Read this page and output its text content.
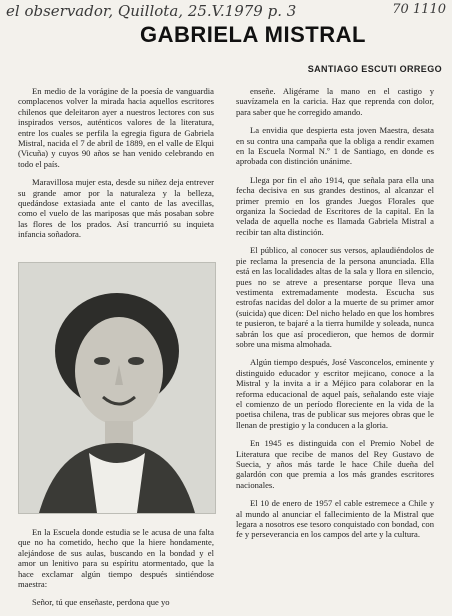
el observador, Quillota, 25.V.1979 p. 3	70 1110
GABRIELA MISTRAL
SANTIAGO ESCUTI ORREGO

En medio de la vorágine de la poesía de vanguardia complacenos volver la mirada hacia aquellos escritores chilenos que deleitaron ayer a nuestros lectores con sus inspirados versos, auténticos valores de la literatura, entre los cuales se perfila la egregia figura de Gabriela Mistral, nacida el 7 de abril de 1889, en el valle de Elqui (Vicuña) y cuyos 90 años se han venido celebrando en todo el país.

Maravillosa mujer esta, desde su niñez deja entrever su grande amor por la naturaleza y la belleza, quedándose extasiada ante el canto de las avecillas, como el vuelo de las mariposas que más posaban sobre las flores de los prados. Así trancurrió su inquieta infancia soñadora.

En la Escuela donde estudia se le acusa de una falta que no ha cometido, hecho que la hiere hondamente, alejándose de sus aulas, buscando en la bondad y el amor un lenitivo para su espíritu atormentado, que la hace exclamar algún tiempo después sintiéndose maestra:

Señor, tú que enseñaste, perdona que yo

enseñe. Aligérame la mano en el castigo y suavízamela en la caricia. Haz que reprenda con dolor, para saber que he corregido amando.

La envidia que despierta esta joven Maestra, desata en su contra una campaña que la obliga a rendir examen en la Escuela Normal N.º 1 de Santiago, en donde es aprobada con distinción unánime.

Llega por fin el año 1914, que señala para ella una fecha decisiva en sus grandes destinos, al alcanzar el primer premio en los grandes Juegos Florales que organiza la Sociedad de Escritores de la capital. En la velada de aquella noche es llamada Gabriela Mistral a recibir tan alta distinción.

El público, al conocer sus versos, aplaudiéndolos de pie reclama la presencia de la persona anunciada. Ella está en las localidades altas de la sala y llora en silencio, pues no se atreve a presentarse porque lleva una vestimenta extremadamente modesta. Escucha sus estrofas nacidas del dolor a la muerte de su primer amor (suicida) que dicen: Del nicho helado en que los hombres te pusieron, te bajaré a la tierra humilde y soleada, nunca sabrán los que así procedieron, que hemos de dormir sobre una misma almohada.

Algún tiempo después, José Vasconcelos, eminente y distinguido educador y escritor mejicano, conoce a la Mistral y la invita a ir a Méjico para colaborar en la reforma educacional de aquel país, señalando este viaje el comienzo de un período floreciente en la vida de la poetisa chilena, tras de publicar sus mejores obras que le llenan de prestigio y la conducen a la gloria.

En 1945 es distinguida con el Premio Nobel de Literatura que recibe de manos del Rey Gustavo de Suecia, y años más tarde le hace Chile dueña del galardón con que premia a los más grandes escritores nacionales.

El 10 de enero de 1957 el cable estremece a Chile y al mundo al anunciar el fallecimiento de la Mistral que legara a nosotros ese tesoro conquistado con bondad, con fe y perseverancia en los campos del arte y la cultura.
